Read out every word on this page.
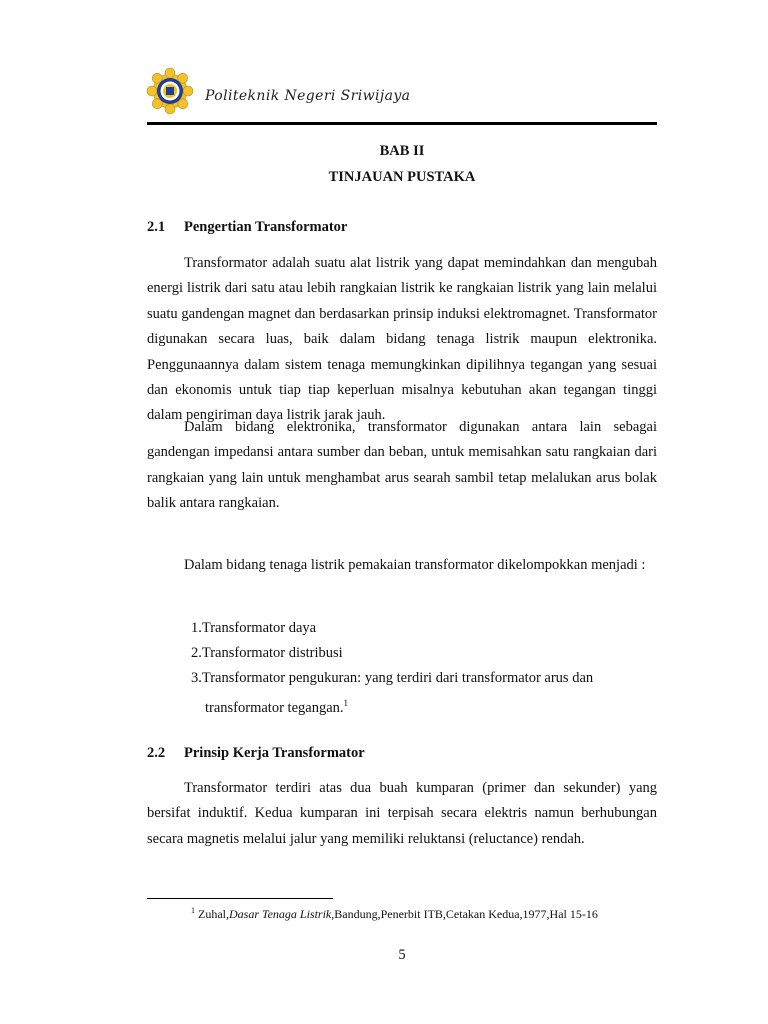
Politeknik Negeri Sriwijaya
BAB II
TINJAUAN PUSTAKA
2.1 Pengertian Transformator

Transformator adalah suatu alat listrik yang dapat memindahkan dan mengubah energi listrik dari satu atau lebih rangkaian listrik ke rangkaian listrik yang lain melalui suatu gandengan magnet dan berdasarkan prinsip induksi elektromagnet. Transformator digunakan secara luas, baik dalam bidang tenaga listrik maupun elektronika. Penggunaannya dalam sistem tenaga memungkinkan dipilihnya tegangan yang sesuai dan ekonomis untuk tiap tiap keperluan misalnya kebutuhan akan tegangan tinggi dalam pengiriman daya listrik jarak jauh.

Dalam bidang elektronika, transformator digunakan antara lain sebagai gandengan impedansi antara sumber dan beban, untuk memisahkan satu rangkaian dari rangkaian yang lain untuk menghambat arus searah sambil tetap melalukan arus bolak balik antara rangkaian.

Dalam bidang tenaga listrik pemakaian transformator dikelompokkan menjadi :

1.Transformator daya
2.Transformator distribusi
3.Transformator pengukuran: yang terdiri dari transformator arus dan
transformator tegangan.$^1$
2.2 Prinsip Kerja Transformator

Transformator terdiri atas dua buah kumparan (primer dan sekunder) yang bersifat induktif. Kedua kumparan ini terpisah secara elektris namun berhubungan secara magnetis melalui jalur yang memiliki reluktansi (reluctance) rendah.

$^1$ Zuhal,Dasar Tenaga Listrik,Bandung,Penerbit ITB,Cetakan Kedua,1977,Hal 15-16
5
